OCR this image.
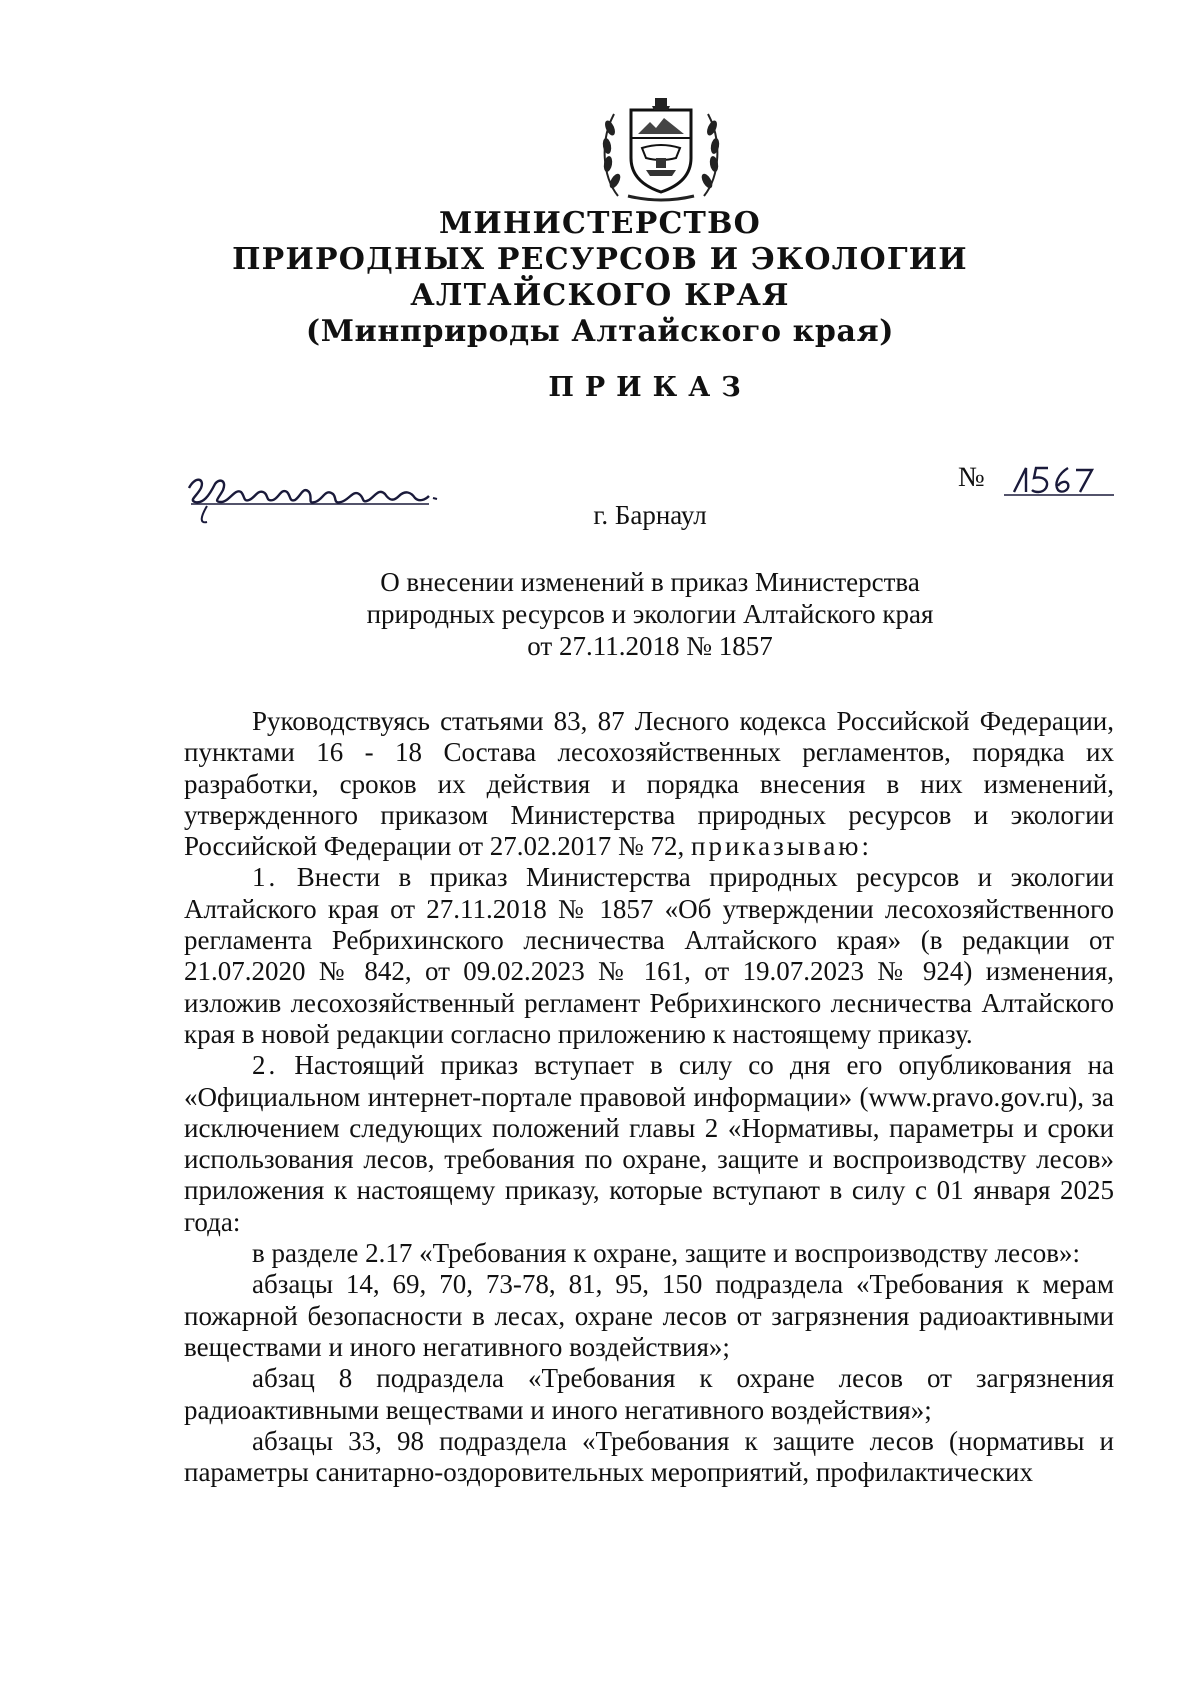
МИНИСТЕРСТВО
ПРИРОДНЫХ РЕСУРСОВ И ЭКОЛОГИИ
АЛТАЙСКОГО КРАЯ
(Минприроды Алтайского края)
ПРИКАЗ
№
г. Барнаул
О внесении изменений в приказ Министерства
природных ресурсов и экологии Алтайского края
от 27.11.2018 № 1857

Руководствуясь статьями 83, 87 Лесного кодекса Российской Федерации, пунктами 16 - 18 Состава лесохозяйственных регламентов, порядка их разработки, сроков их действия и порядка внесения в них изменений, утвержденного приказом Министерства природных ресурсов и экологии Российской Федерации от 27.02.2017 № 72, приказываю:

1. Внести в приказ Министерства природных ресурсов и экологии Алтайского края от 27.11.2018 № 1857 «Об утверждении лесохозяйственного регламента Ребрихинского лесничества Алтайского края» (в редакции от 21.07.2020 № 842, от 09.02.2023 № 161, от 19.07.2023 № 924) изменения, изложив лесохозяйственный регламент Ребрихинского лесничества Алтайского края в новой редакции согласно приложению к настоящему приказу.

2. Настоящий приказ вступает в силу со дня его опубликования на «Официальном интернет-портале правовой информации» (www.pravo.gov.ru), за исключением следующих положений главы 2 «Нормативы, параметры и сроки использования лесов, требования по охране, защите и воспроизводству лесов» приложения к настоящему приказу, которые вступают в силу с 01 января 2025 года:

в разделе 2.17 «Требования к охране, защите и воспроизводству лесов»:

абзацы 14, 69, 70, 73-78, 81, 95, 150 подраздела «Требования к мерам пожарной безопасности в лесах, охране лесов от загрязнения радиоактивными веществами и иного негативного воздействия»;

абзац 8 подраздела «Требования к охране лесов от загрязнения радиоактивными веществами и иного негативного воздействия»;

абзацы 33, 98 подраздела «Требования к защите лесов (нормативы и параметры санитарно-оздоровительных мероприятий, профилактических
